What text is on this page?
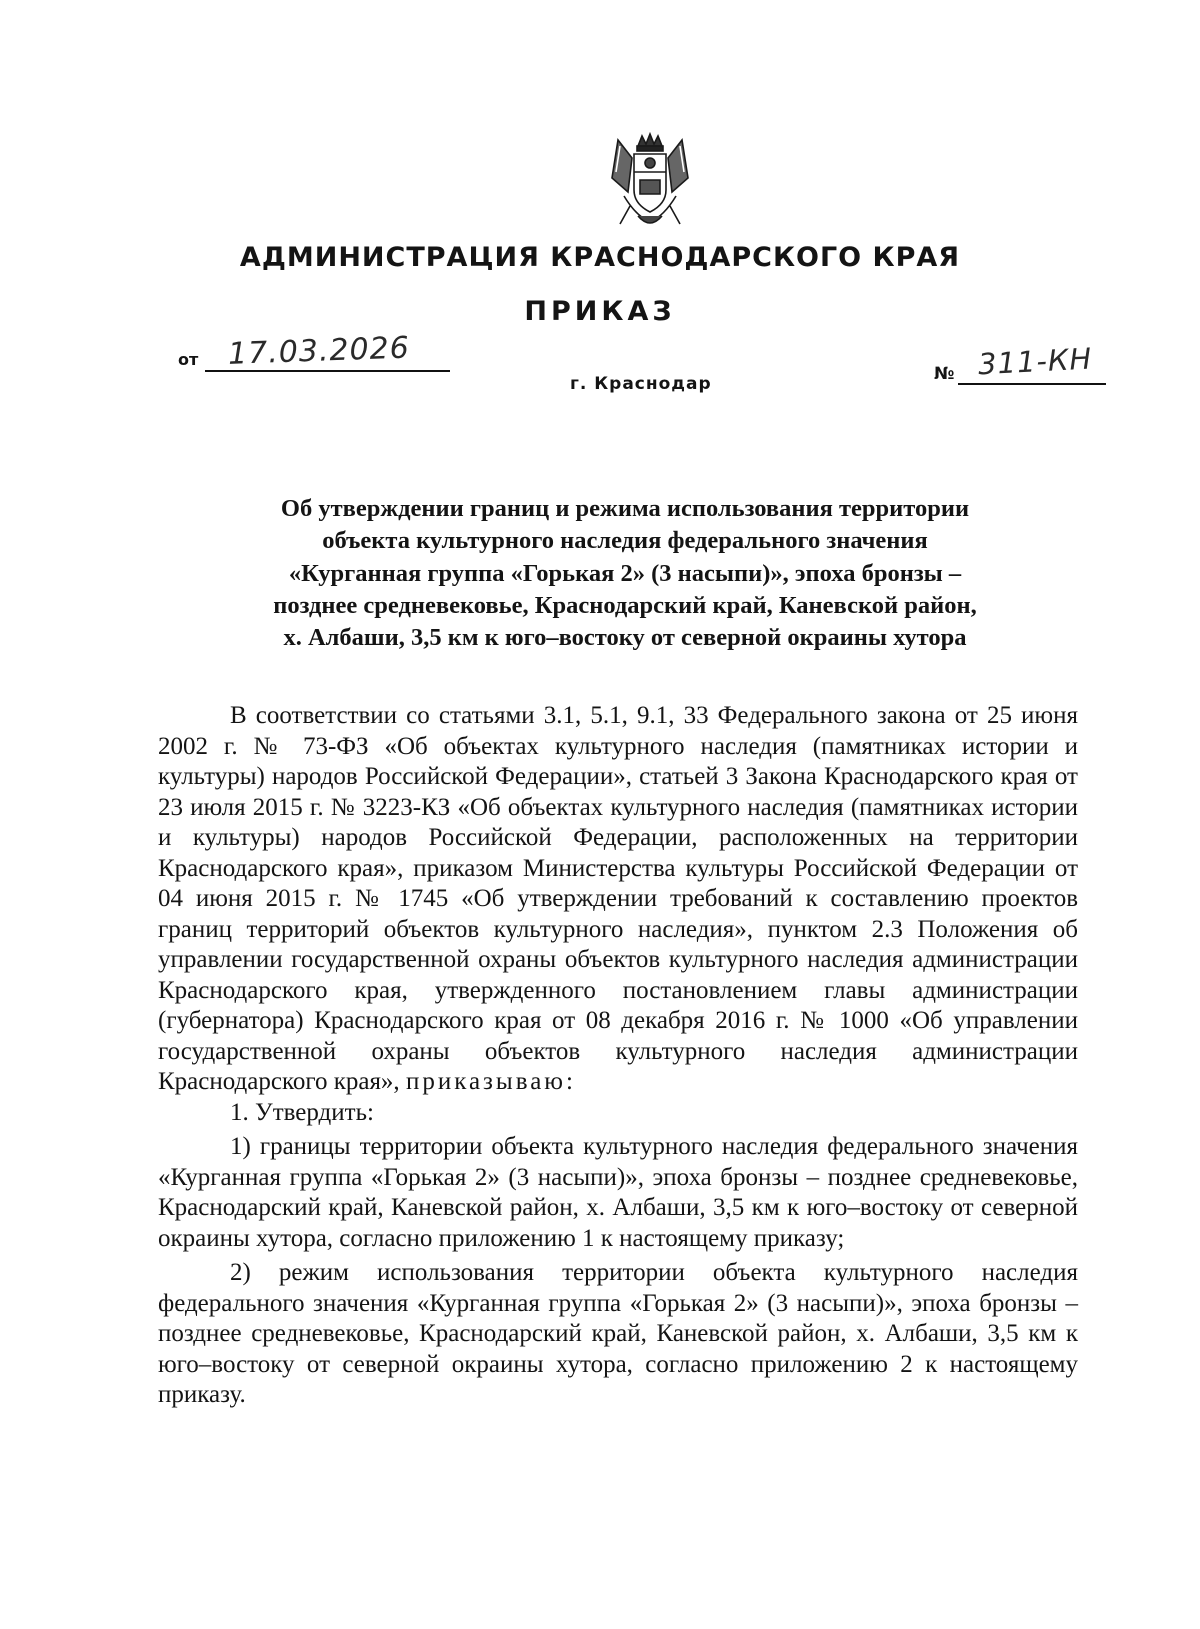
АДМИНИСТРАЦИЯ КРАСНОДАРСКОГО КРАЯ
ПРИКАЗ
от 17.03.2026
г. Краснодар	№ 311-КН
Об утверждении границ и режима использования территории
объекта культурного наследия федерального значения
«Курганная группа «Горькая 2» (3 насыпи)», эпоха бронзы –
позднее средневековье, Краснодарский край, Каневской район,
х. Албаши, 3,5 км к юго–востоку от северной окраины хутора

В соответствии со статьями 3.1, 5.1, 9.1, 33 Федерального закона от 25 июня 2002 г. № 73-ФЗ «Об объектах культурного наследия (памятниках истории и культуры) народов Российской Федерации», статьей 3 Закона Краснодарского края от 23 июля 2015 г. № 3223-КЗ «Об объектах культурного наследия (памятниках истории и культуры) народов Российской Федерации, расположенных на территории Краснодарского края», приказом Министерства культуры Российской Федерации от 04 июня 2015 г. № 1745 «Об утверждении требований к составлению проектов границ территорий объектов культурного наследия», пунктом 2.3 Положения об управлении государственной охраны объектов культурного наследия администрации Краснодарского края, утвержденного постановлением главы администрации (губернатора) Краснодарского края от 08 декабря 2016 г. № 1000 «Об управлении государственной охраны объектов культурного наследия администрации Краснодарского края», приказываю:

1. Утвердить:

1) границы территории объекта культурного наследия федерального значения «Курганная группа «Горькая 2» (3 насыпи)», эпоха бронзы – позднее средневековье, Краснодарский край, Каневской район, х. Албаши, 3,5 км к юго–востоку от северной окраины хутора, согласно приложению 1 к настоящему приказу;

2) режим использования территории объекта культурного наследия федерального значения «Курганная группа «Горькая 2» (3 насыпи)», эпоха бронзы – позднее средневековье, Краснодарский край, Каневской район, х. Албаши, 3,5 км к юго–востоку от северной окраины хутора, согласно приложению 2 к настоящему приказу.
